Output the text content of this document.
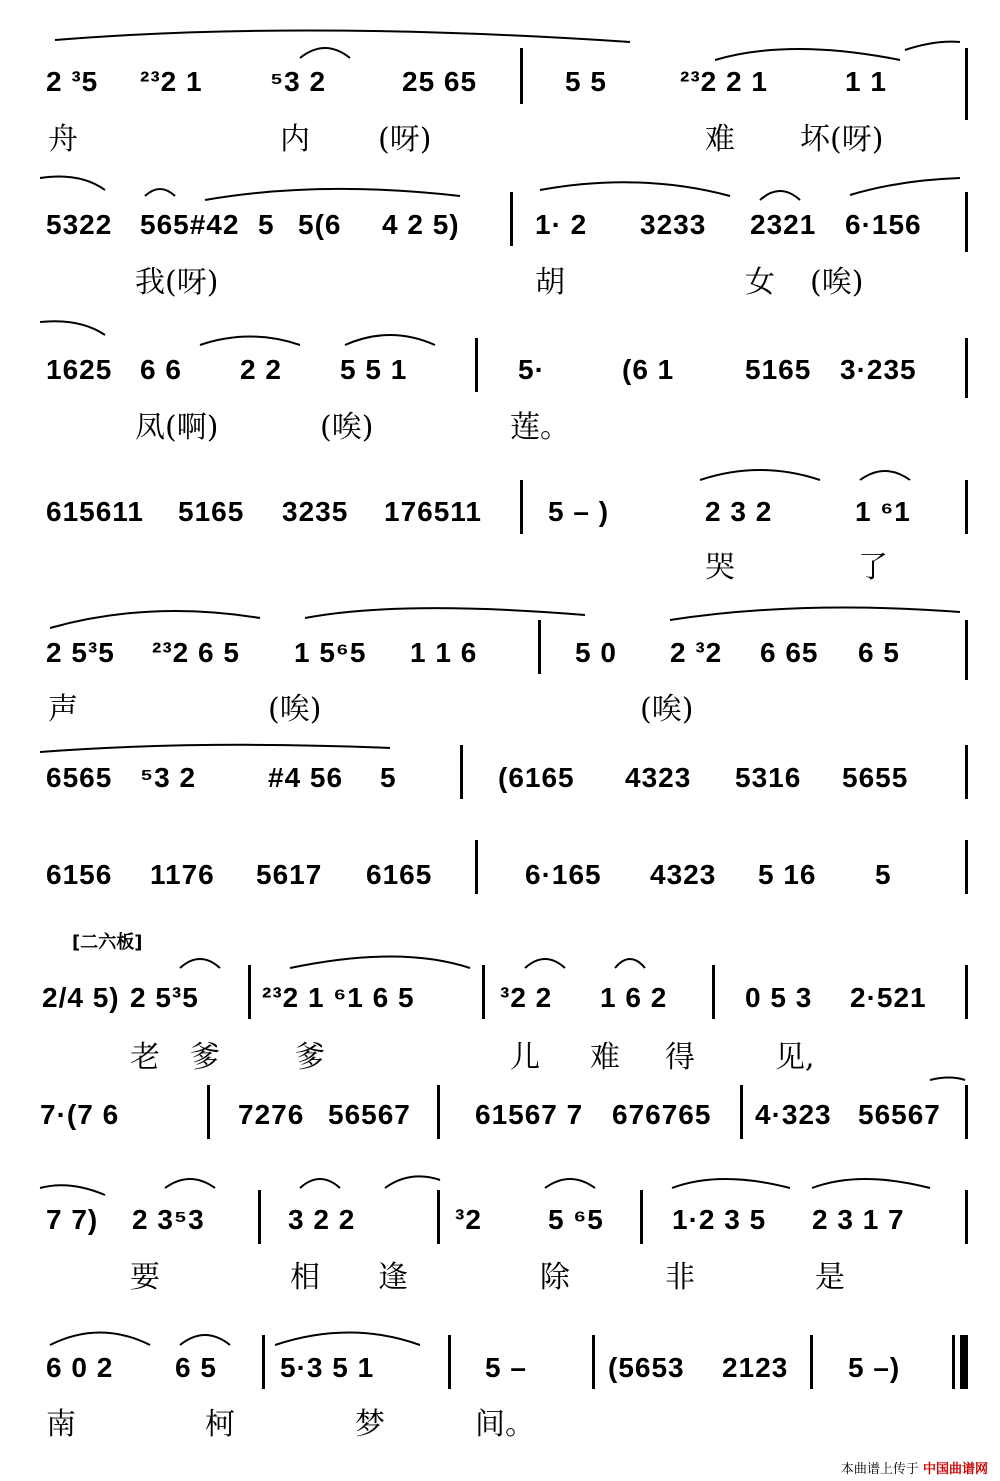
[二六板]
2 ³5 ²³2 1 ⁵3 2	25 65	5 5	²³2 2 1	1 1
舟	内 (呀)	难 坏(呀)
5322 565#42 5 5(6 4 2 5)	1· 2 3233 2321 6·156
我(呀)	胡	女 (唉)
1625 6 6 2 2 5 5 1	5·	(6 1	5165 3·235
凤(啊)	(唉)	莲。
615611 5165 3235 176511 5 – )	2 3 2	1 ⁶1
哭	了
2 5³5 ²³2 6 5 1 5⁶5 1 1 6	5 0 2 ³2 6 65 6 5
声	(唉)	(唉)
6565 ⁵3 2	#4 56 5	(6165 4323 5316 5655
6156 1176 5617 6165	6·165 4323 5 16 5
2/4 5) 2 5³5 ²³2 1 ⁶1 6 5	³2 2 1 6 2	0 5 3 2·521
老 爹	爹	儿 难 得	见,
7·(7 6	7276 56567 61567 7 676765 4·323 56567
7 7) 2 3⁵3	3 2 2	³2 5 ⁶5 1·2 3 5 2 3 1 7
要	相 逢	除	非	是
6 0 2 6 5 5·3 5 1	5 –	(5653 2123 5 –)
南	柯	梦	间。
本曲谱上传于 中国曲谱网
